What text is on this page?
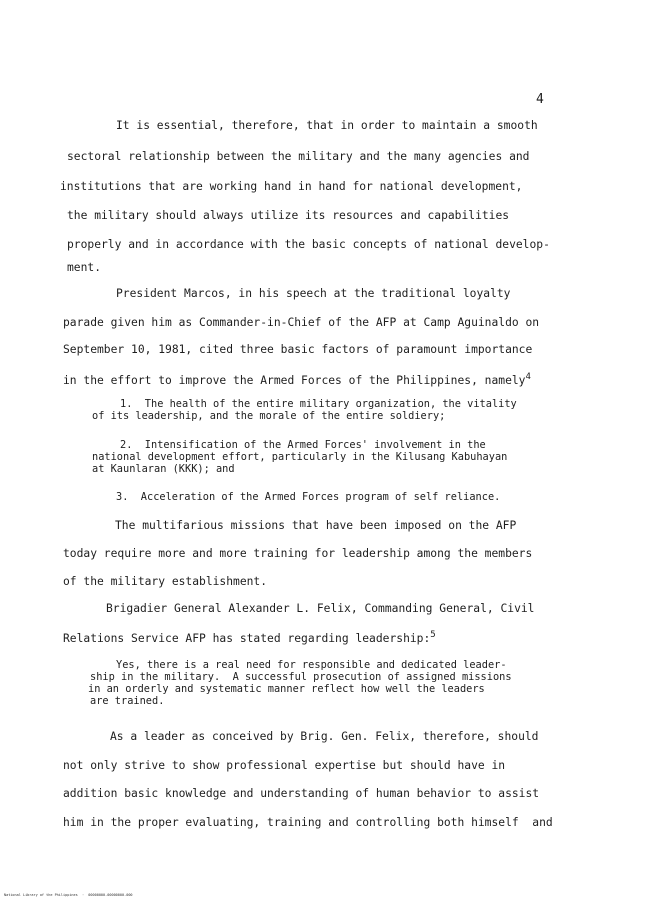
4
It is essential, therefore, that in order to maintain a smooth
sectoral relationship between the military and the many agencies and
institutions that are working hand in hand for national development,
the military should always utilize its resources and capabilities
properly and in accordance with the basic concepts of national develop-
ment.
President Marcos, in his speech at the traditional loyalty
parade given him as Commander-in-Chief of the AFP at Camp Aguinaldo on
September 10, 1981, cited three basic factors of paramount importance
in the effort to improve the Armed Forces of the Philippines, namely$^4$
1.  The health of the entire military organization, the vitality
of its leadership, and the morale of the entire soldiery;
2.  Intensification of the Armed Forces' involvement in the
national development effort, particularly in the Kilusang Kabuhayan
at Kaunlaran (KKK); and
3.  Acceleration of the Armed Forces program of self reliance.
The multifarious missions that have been imposed on the AFP
today require more and more training for leadership among the members
of the military establishment.
Brigadier General Alexander L. Felix, Commanding General, Civil
Relations Service AFP has stated regarding leadership:$^5$
Yes, there is a real need for responsible and dedicated leader-
ship in the military.  A successful prosecution of assigned missions
in an orderly and systematic manner reflect how well the leaders
are trained.
As a leader as conceived by Brig. Gen. Felix, therefore, should
not only strive to show professional expertise but should have in
addition basic knowledge and understanding of human behavior to assist
him in the proper evaluating, training and controlling both himself  and
National Library of the Philippines  ·  00000000-00000000-000
